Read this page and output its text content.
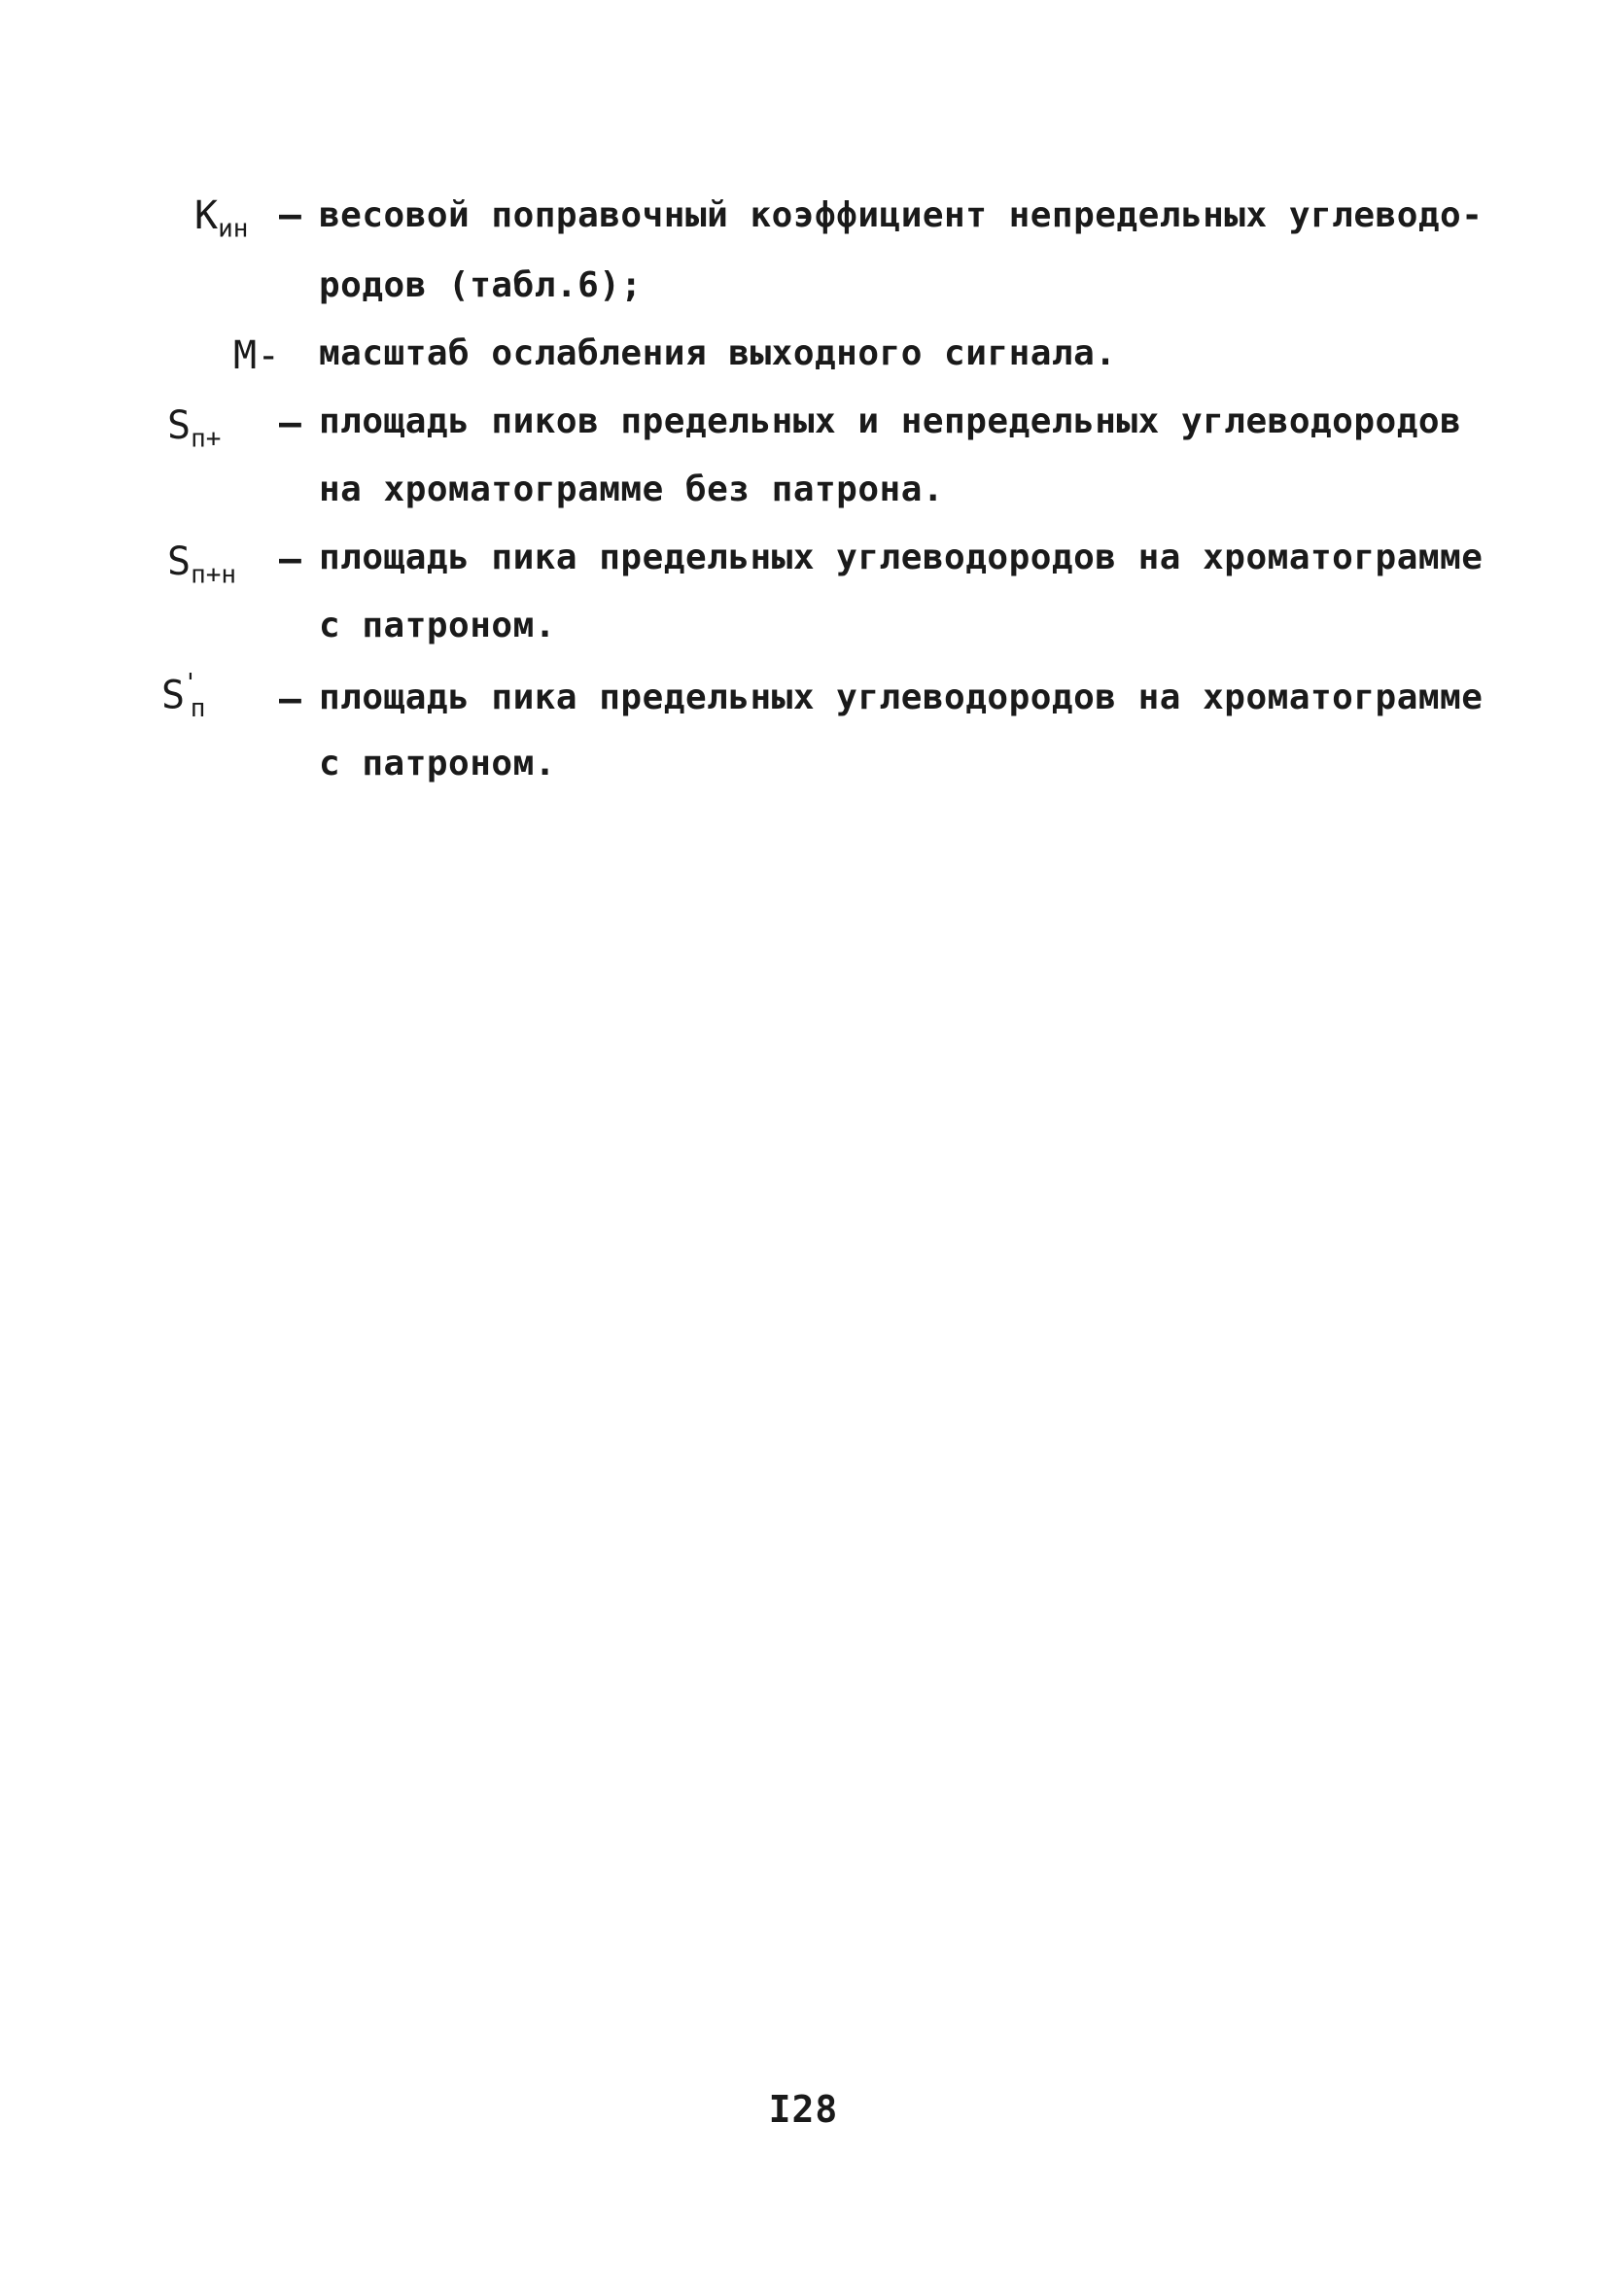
$К_{ин}$ – весовой поправочный коэффициент непредельных углеводо-
родов (табл.6);
М- масштаб ослабления выходного сигнала.
$S_{п+}$ – площадь пиков предельных и непредельных углеводородов
на хроматограмме без патрона.
$S_{п+н}$ – площадь пика предельных углеводородов на хроматограмме
с патроном.
$S'_п$ – площадь пика предельных углеводородов на хроматограмме
с патроном.
I28
